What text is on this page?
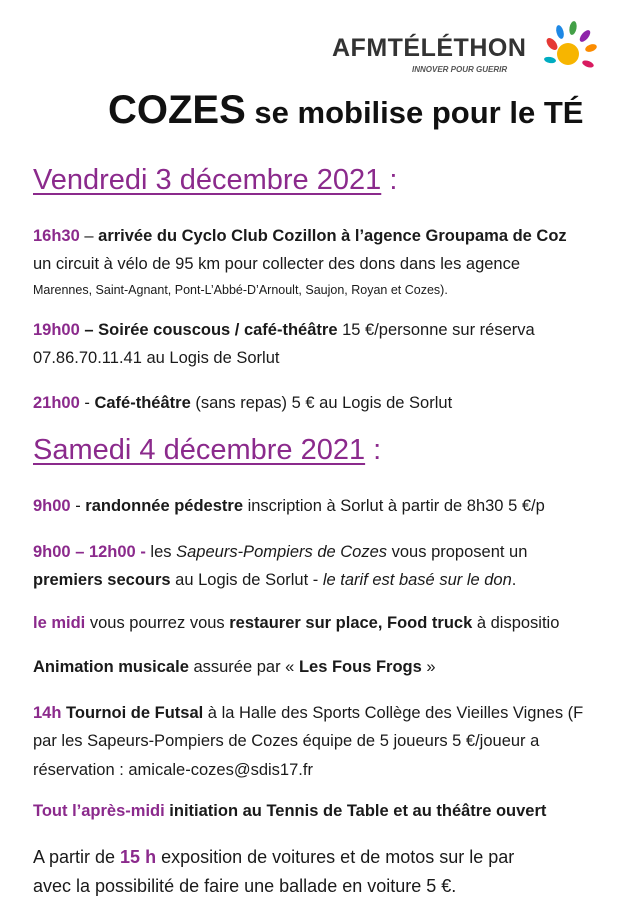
AFMTÉLÉTHON
INNOVER POUR GUERIR
COZES se mobilise pour le TÉ
Vendredi 3 décembre 2021 :
16h30 – arrivée du Cyclo Club Cozillon à l’agence Groupama de Coz
un circuit à vélo de 95 km pour collecter des dons dans les agence
Marennes, Saint-Agnant, Pont-L’Abbé-D’Arnoult, Saujon, Royan et Cozes).
19h00 – Soirée couscous / café-théâtre 15 €/personne sur réserva
07.86.70.11.41 au Logis de Sorlut
21h00 - Café-théâtre (sans repas) 5 € au Logis de Sorlut
Samedi 4 décembre 2021 :
9h00 - randonnée pédestre inscription à Sorlut à partir de 8h30 5 €/p
9h00 – 12h00 - les Sapeurs-Pompiers de Cozes vous proposent un
premiers secours au Logis de Sorlut - le tarif est basé sur le don.
le midi vous pourrez vous restaurer sur place, Food truck à dispositio
Animation musicale assurée par « Les Fous Frogs »
14h Tournoi de Futsal à la Halle des Sports Collège des Vieilles Vignes (F
par les Sapeurs-Pompiers de Cozes équipe de 5 joueurs 5 €/joueur a
réservation : amicale-cozes@sdis17.fr
Tout l’après-midi initiation au Tennis de Table et au théâtre ouvert
A partir de 15 h exposition de voitures et de motos sur le par
avec la possibilité de faire une ballade en voiture 5 €.
